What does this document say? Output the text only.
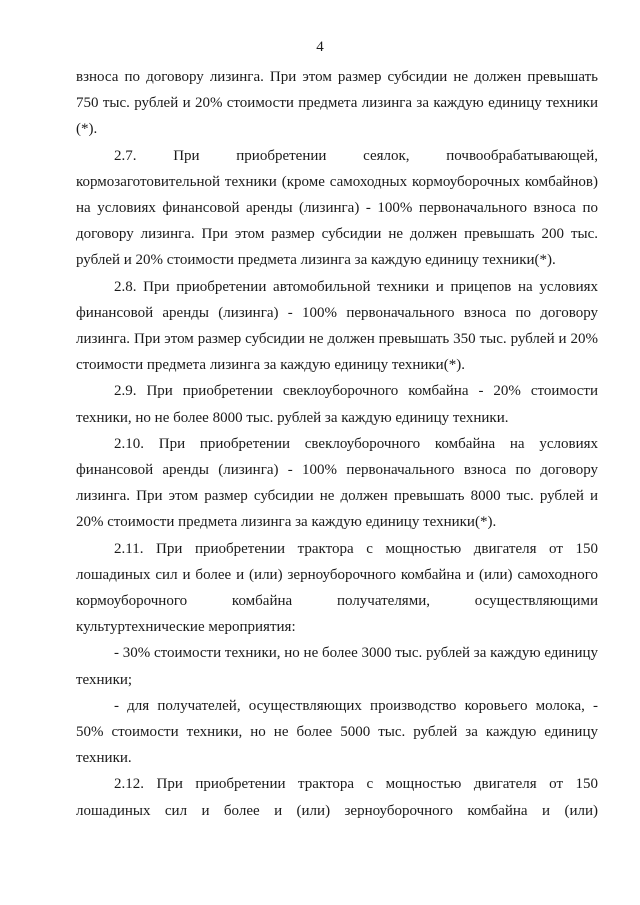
4

взноса по договору лизинга. При этом размер субсидии не должен превышать 750 тыс. рублей и 20% стоимости предмета лизинга за каждую единицу техники (*).

2.7. При приобретении сеялок, почвообрабатывающей, кормозаготовительной техники (кроме самоходных кормоуборочных комбайнов) на условиях финансовой аренды (лизинга) - 100% первоначального взноса по договору лизинга. При этом размер субсидии не должен превышать 200 тыс. рублей и 20% стоимости предмета лизинга за каждую единицу техники(*).

2.8. При приобретении автомобильной техники и прицепов на условиях финансовой аренды (лизинга) - 100% первоначального взноса по договору лизинга. При этом размер субсидии не должен превышать 350 тыс. рублей и 20% стоимости предмета лизинга за каждую единицу техники(*).

2.9. При приобретении свеклоуборочного комбайна - 20% стоимости техники, но не более 8000 тыс. рублей за каждую единицу техники.

2.10. При приобретении свеклоуборочного комбайна на условиях финансовой аренды (лизинга) - 100% первоначального взноса по договору лизинга. При этом размер субсидии не должен превышать 8000 тыс. рублей и 20% стоимости предмета лизинга за каждую единицу техники(*).

2.11. При приобретении трактора с мощностью двигателя от 150 лошадиных сил и более и (или) зерноуборочного комбайна и (или) самоходного кормоуборочного комбайна получателями, осуществляющими культуртехнические мероприятия:

- 30% стоимости техники, но не более 3000 тыс. рублей за каждую единицу техники;

- для получателей, осуществляющих производство коровьего молока, - 50% стоимости техники, но не более 5000 тыс. рублей за каждую единицу техники.

2.12. При приобретении трактора с мощностью двигателя от 150 лошадиных сил и более и (или) зерноуборочного комбайна и (или)
